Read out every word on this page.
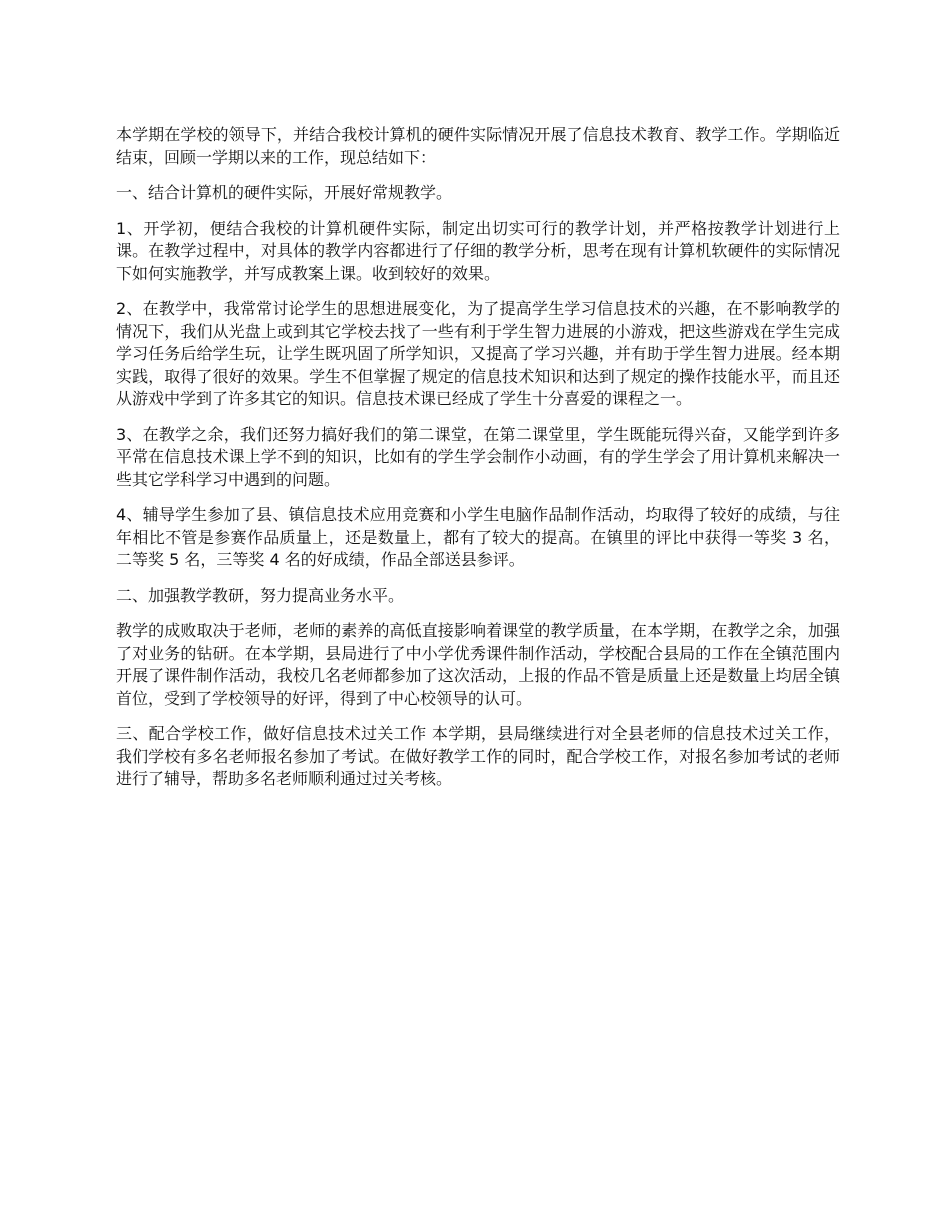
本学期在学校的领导下，并结合我校计算机的硬件实际情况开展了信息技术教育、教学工作。学期临近结束，回顾一学期以来的工作，现总结如下：

一、结合计算机的硬件实际，开展好常规教学。

1、开学初，便结合我校的计算机硬件实际，制定出切实可行的教学计划，并严格按教学计划进行上课。在教学过程中，对具体的教学内容都进行了仔细的教学分析，思考在现有计算机软硬件的实际情况下如何实施教学，并写成教案上课。收到较好的效果。

2、在教学中，我常常讨论学生的思想进展变化，为了提高学生学习信息技术的兴趣，在不影响教学的情况下，我们从光盘上或到其它学校去找了一些有利于学生智力进展的小游戏，把这些游戏在学生完成学习任务后给学生玩，让学生既巩固了所学知识，又提高了学习兴趣，并有助于学生智力进展。经本期实践，取得了很好的效果。学生不但掌握了规定的信息技术知识和达到了规定的操作技能水平，而且还从游戏中学到了许多其它的知识。信息技术课已经成了学生十分喜爱的课程之一。

3、在教学之余，我们还努力搞好我们的第二课堂，在第二课堂里，学生既能玩得兴奋，又能学到许多平常在信息技术课上学不到的知识，比如有的学生学会制作小动画，有的学生学会了用计算机来解决一些其它学科学习中遇到的问题。

4、辅导学生参加了县、镇信息技术应用竞赛和小学生电脑作品制作活动，均取得了较好的成绩，与往年相比不管是参赛作品质量上，还是数量上，都有了较大的提高。在镇里的评比中获得一等奖 3 名，二等奖 5 名，三等奖 4 名的好成绩，作品全部送县参评。

二、加强教学教研，努力提高业务水平。

教学的成败取决于老师，老师的素养的高低直接影响着课堂的教学质量，在本学期，在教学之余，加强了对业务的钻研。在本学期，县局进行了中小学优秀课件制作活动，学校配合县局的工作在全镇范围内开展了课件制作活动，我校几名老师都参加了这次活动，上报的作品不管是质量上还是数量上均居全镇首位，受到了学校领导的好评，得到了中心校领导的认可。

三、配合学校工作，做好信息技术过关工作 本学期，县局继续进行对全县老师的信息技术过关工作，我们学校有多名老师报名参加了考试。在做好教学工作的同时，配合学校工作，对报名参加考试的老师进行了辅导，帮助多名老师顺利通过过关考核。
